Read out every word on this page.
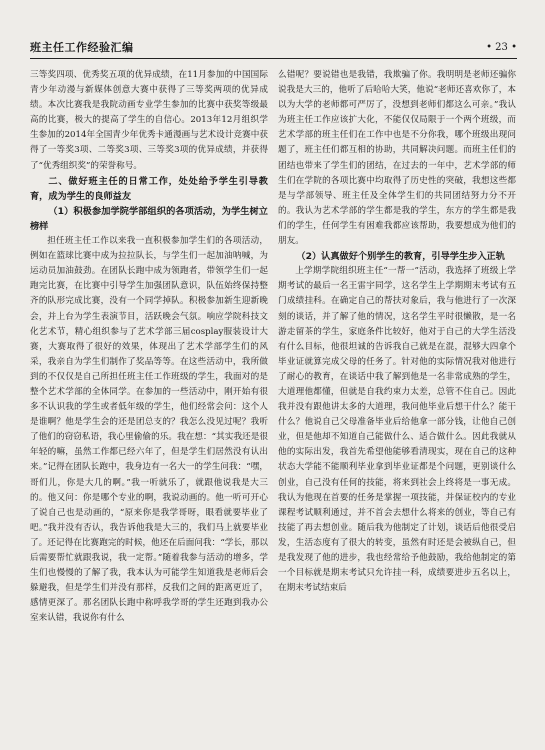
班主任工作经验汇编	• 23 •

三等奖四项、优秀奖五项的优异成绩，在11月参加的中国国际青少年动漫与新媒体创意大赛中获得了三等奖两项的优异成绩。本次比赛我是我院动画专业学生参加的比赛中获奖等级最高的比赛，极大的提高了学生的自信心。2013年12月组织学生参加的2014年全国青少年优秀卡通漫画与艺术设计竞赛中获得了一等奖3项、二等奖3项、三等奖3项的优异成绩，并获得了“优秀组织奖”的荣誉称号。

二、做好班主任的日常工作，处处给予学生引导教育，成为学生的良师益友
（1）积极参加学院学部组织的各项活动，为学生树立榜样

担任班主任工作以来我一直积极参加学生们的各项活动，例如在篮球比赛中成为拉拉队长，与学生们一起加油呐喊，为运动员加油鼓劲。在团队长跑中成为领跑者，带领学生们一起跑完比赛，在比赛中引导学生加强团队意识，队伍始终保持整齐的队形完成比赛，没有一个同学掉队。积极参加新生迎新晚会，并上台为学生表演节目，活跃晚会气氛。响应学院科技文化艺术节，精心组织参与了艺术学部三届cosplay服装设计大赛，大赛取得了很好的效果，体现出了艺术学部学生们的风采，我亲自为学生们制作了奖品等等。在这些活动中，我所做到的不仅仅是自己所担任班主任工作班级的学生，我面对的是整个艺术学部的全体同学。在参加的一些活动中，刚开始有很多不认识我的学生或者低年级的学生，他们经常会问：这个人是谁啊？他是学生会的还是团总支的？我怎么没见过呢？我听了他们的窃窃私语，我心里偷偷的乐。我在想：“其实我还是很年轻的嘛，虽然工作都已经六年了，但是学生们居然没有认出来。”记得在团队长跑中，我身边有一名大一的学生问我：“嘿，哥们儿，你是大几的啊。”我一听就乐了，就跟他说我是大三的。他又问：你是哪个专业的啊，我说动画的。他一听可开心了说自己也是动画的，“原来你是我学哥呀，眼看就要毕业了吧。”我并没有否认，我告诉他我是大三的，我们马上就要毕业了。还记得在比赛跑完的时候，他还在后面问我：“学长，那以后需要帮忙就跟我说，我一定帮。”随着我参与活动的增多，学生们也慢慢的了解了我，我本认为可能学生知道我是老师后会躲避我，但是学生们并没有那样，反我们之间的距离更近了，感情更深了。那名团队长跑中称呼我学哥的学生还跑到我办公室来认错，我说你有什么

么错呢？要说错也是我错，我欺骗了你。我明明是老师还骗你说我是大三的，他听了后哈哈大笑，他说“老师还喜欢你了，本以为大学的老师都可严厉了，没想到老师们都这么可亲。”我认为班主任工作应该扩大化，不能仅仅局限于一个两个班级，而艺术学部的班主任们在工作中也是不分你我，哪个班级出现问题了，班主任们都互相的协助，共同解决问题。而班主任们的团结也带来了学生们的团结，在过去的一年中，艺术学部的师生们在学院的各项比赛中均取得了历史性的突破，我想这些都是与学部领导、班主任及全体学生们的共同团结努力分不开的。我认为艺术学部的学生都是我的学生，东方的学生都是我们的学生，任何学生有困难我都应该帮助，我要想成为他们的朋友。

（2）认真做好个别学生的教育，引导学生步入正轨

上学期学院组织班主任“一帮一”活动，我选择了班级上学期考试的最后一名王雷宇同学，这名学生上学期期末考试有五门成绩挂科。在确定自己的帮扶对象后，我与他进行了一次深刻的谈话，并了解了他的情况，这名学生平时很懒散，是一名游走留茶的学生，家庭条件比较好，他对于自己的大学生活没有什么目标，他很坦诚的告诉我自己就是在混，混够大四拿个毕业证就算完成父母的任务了。针对他的实际情况我对他进行了耐心的教育，在谈话中我了解到他是一名非常成熟的学生，大道理他都懂，但就是自我约束力太差，总管不住自己。因此我并没有跟他讲太多的大道理，我问他毕业后想干什么？能干什么？他说自己父母准备毕业后给他拿一部分钱，让他自己创业，但是他却不知道自己能做什么、适合做什么。因此我就从他的实际出发，我首先希望他能够看清现实，现在自己的这种状态大学能不能顺利毕业拿到毕业证都是个问题，更别谈什么创业，自己没有任何的技能，将来到社会上终将是一事无成。我认为他现在首要的任务是掌握一项技能，并保证校内的专业课程考试顺利通过，并不首会去想什么将来的创业，等自己有技能了再去想创业。随后我为他制定了计划，谈话后他很受启发，生活态度有了很大的转变，虽然有时还是会被纵自己，但是我发现了他的进步，我也经常给予他鼓励，我给他制定的第一个目标就是期末考试只允许挂一科，成绩要进步五名以上，在期末考试结束后
